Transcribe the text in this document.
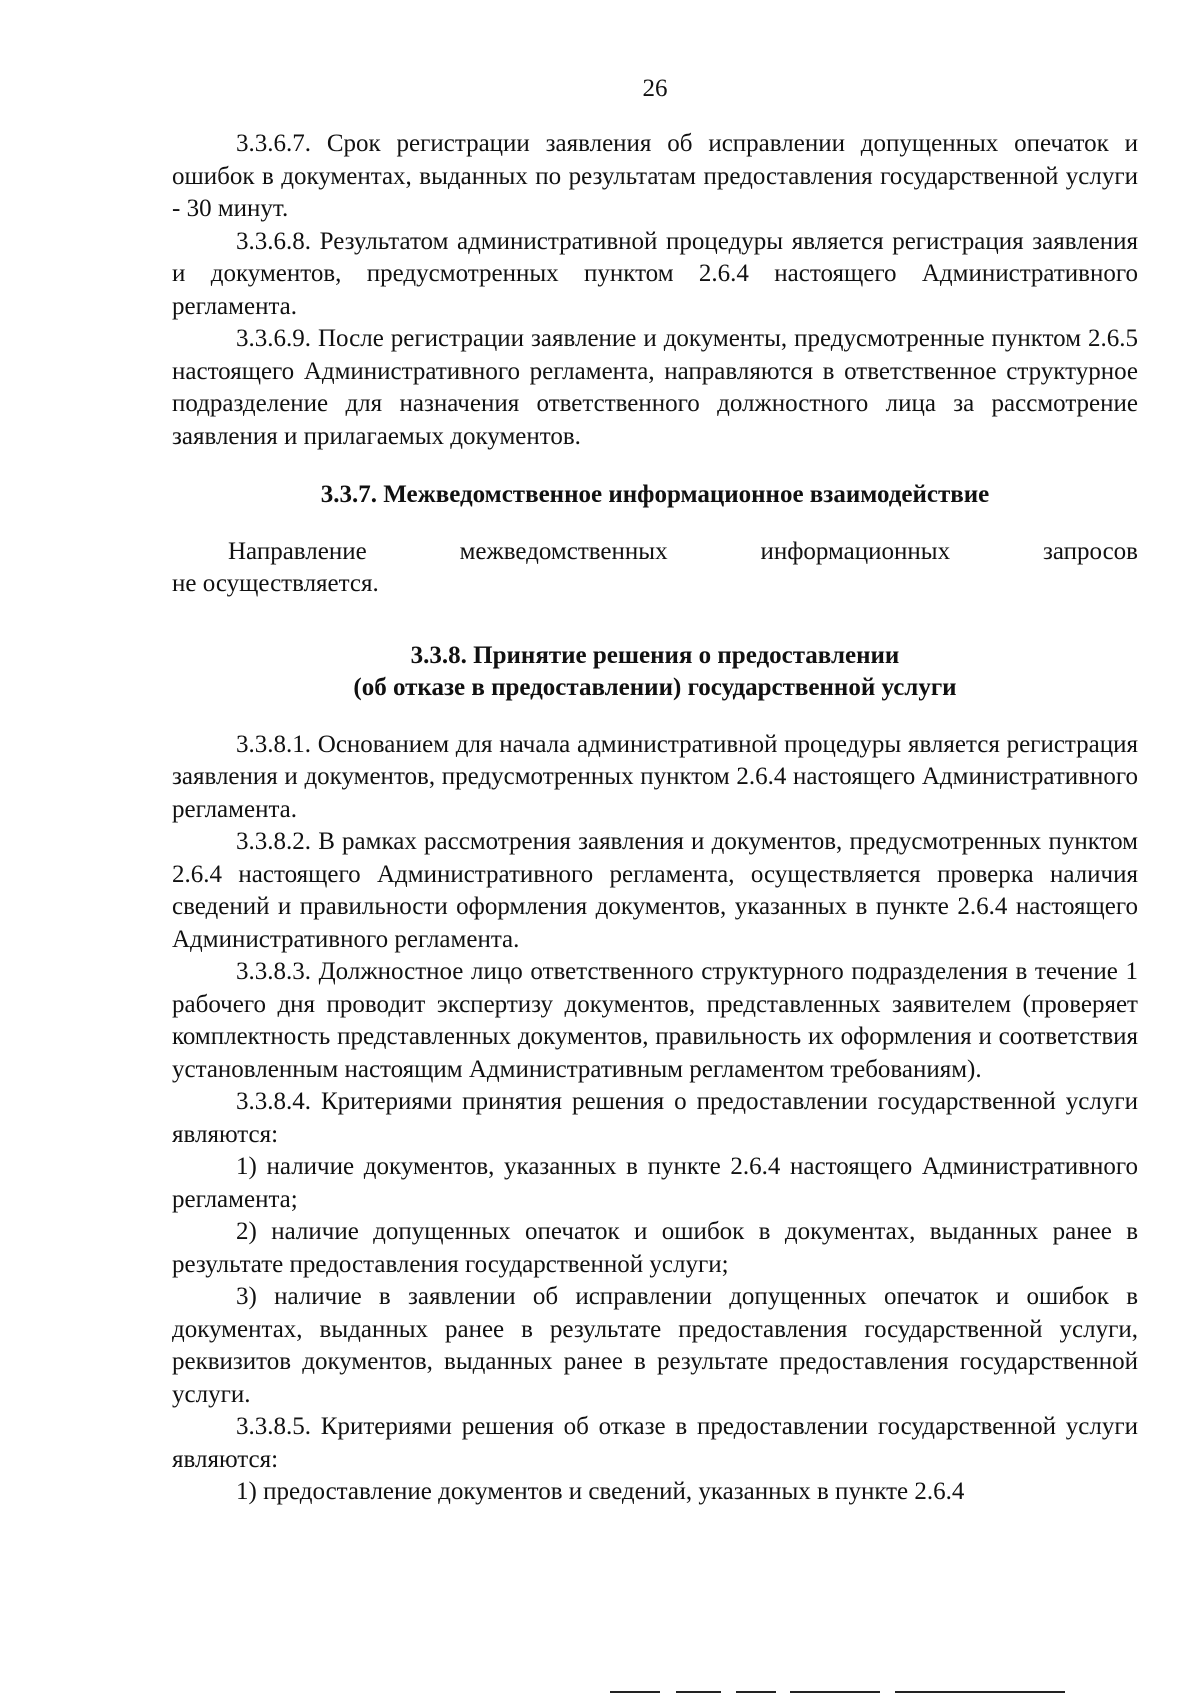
26

3.3.6.7. Срок регистрации заявления об исправлении допущенных опечаток и ошибок в документах, выданных по результатам предоставления государственной услуги - 30 минут.

3.3.6.8. Результатом административной процедуры является регистрация заявления и документов, предусмотренных пунктом 2.6.4 настоящего Административного регламента.

3.3.6.9. После регистрации заявление и документы, предусмотренные пунктом 2.6.5 настоящего Административного регламента, направляются в ответственное структурное подразделение для назначения ответственного должностного лица за рассмотрение заявления и прилагаемых документов.

3.3.7. Межведомственное информационное взаимодействие

Направление	межведомственных	информационных	запросов

не осуществляется.

3.3.8. Принятие решения о предоставлении

(об отказе в предоставлении) государственной услуги

3.3.8.1. Основанием для начала административной процедуры является регистрация заявления и документов, предусмотренных пунктом 2.6.4 настоящего Административного регламента.

3.3.8.2. В рамках рассмотрения заявления и документов, предусмотренных пунктом 2.6.4 настоящего Административного регламента, осуществляется проверка наличия сведений и правильности оформления документов, указанных в пункте 2.6.4 настоящего Административного регламента.

3.3.8.3. Должностное лицо ответственного структурного подразделения в течение 1 рабочего дня проводит экспертизу документов, представленных заявителем (проверяет комплектность представленных документов, правильность их оформления и соответствия установленным настоящим Административным регламентом требованиям).

3.3.8.4. Критериями принятия решения о предоставлении государственной услуги являются:

1) наличие документов, указанных в пункте 2.6.4 настоящего Административного регламента;

2) наличие допущенных опечаток и ошибок в документах, выданных ранее в результате предоставления государственной услуги;

3) наличие в заявлении об исправлении допущенных опечаток и ошибок в документах, выданных ранее в результате предоставления государственной услуги, реквизитов документов, выданных ранее в результате предоставления государственной услуги.

3.3.8.5. Критериями решения об отказе в предоставлении государственной услуги являются:

1) предоставление документов и сведений, указанных в пункте 2.6.4
